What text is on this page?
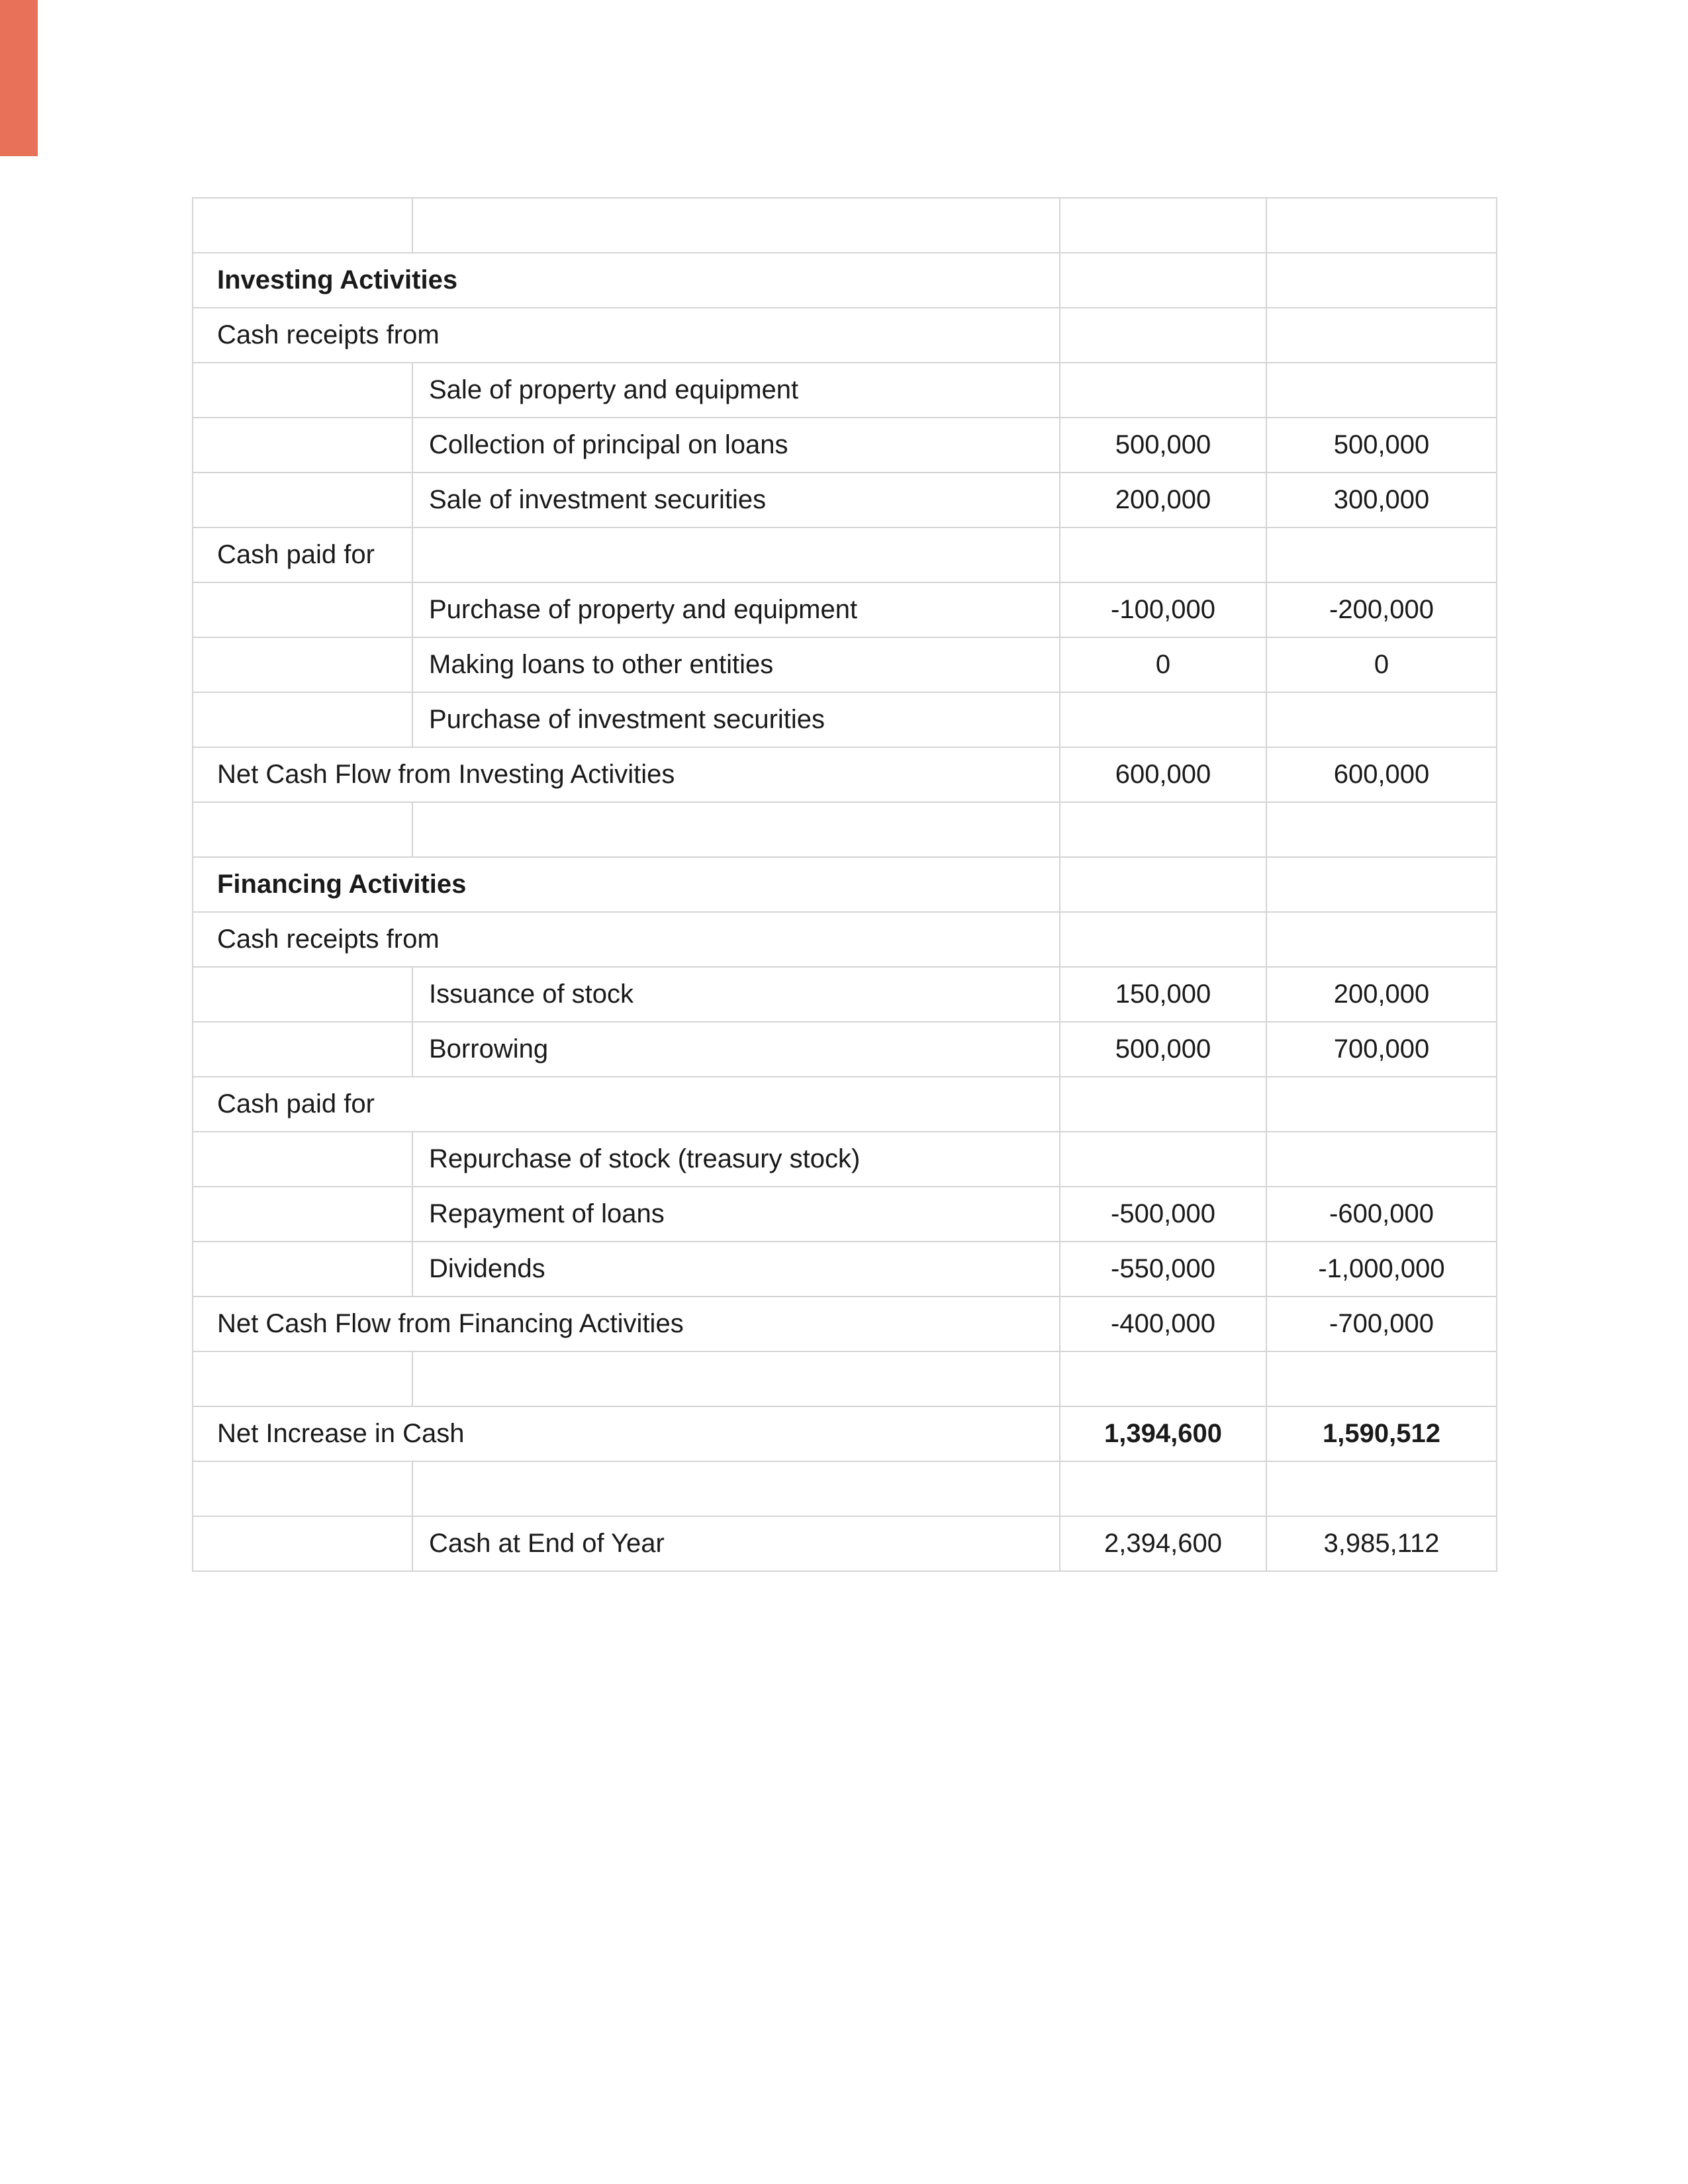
Investing Activities			
Cash receipts from			
	Sale of property and equipment		
	Collection of principal on loans	500,000	500,000
	Sale of investment securities	200,000	300,000
Cash paid for			
	Purchase of property and equipment	-100,000	-200,000
	Making loans to other entities	0	0
	Purchase of investment securities		
Net Cash Flow from Investing Activities		600,000	600,000

Financing Activities			
Cash receipts from			
	Issuance of stock	150,000	200,000
	Borrowing	500,000	700,000
Cash paid for			
	Repurchase of stock (treasury stock)		
	Repayment of loans	-500,000	-600,000
	Dividends	-550,000	-1,000,000
Net Cash Flow from Financing Activities		-400,000	-700,000

Net Increase in Cash		1,394,600	1,590,512

	Cash at End of Year	2,394,600	3,985,112
